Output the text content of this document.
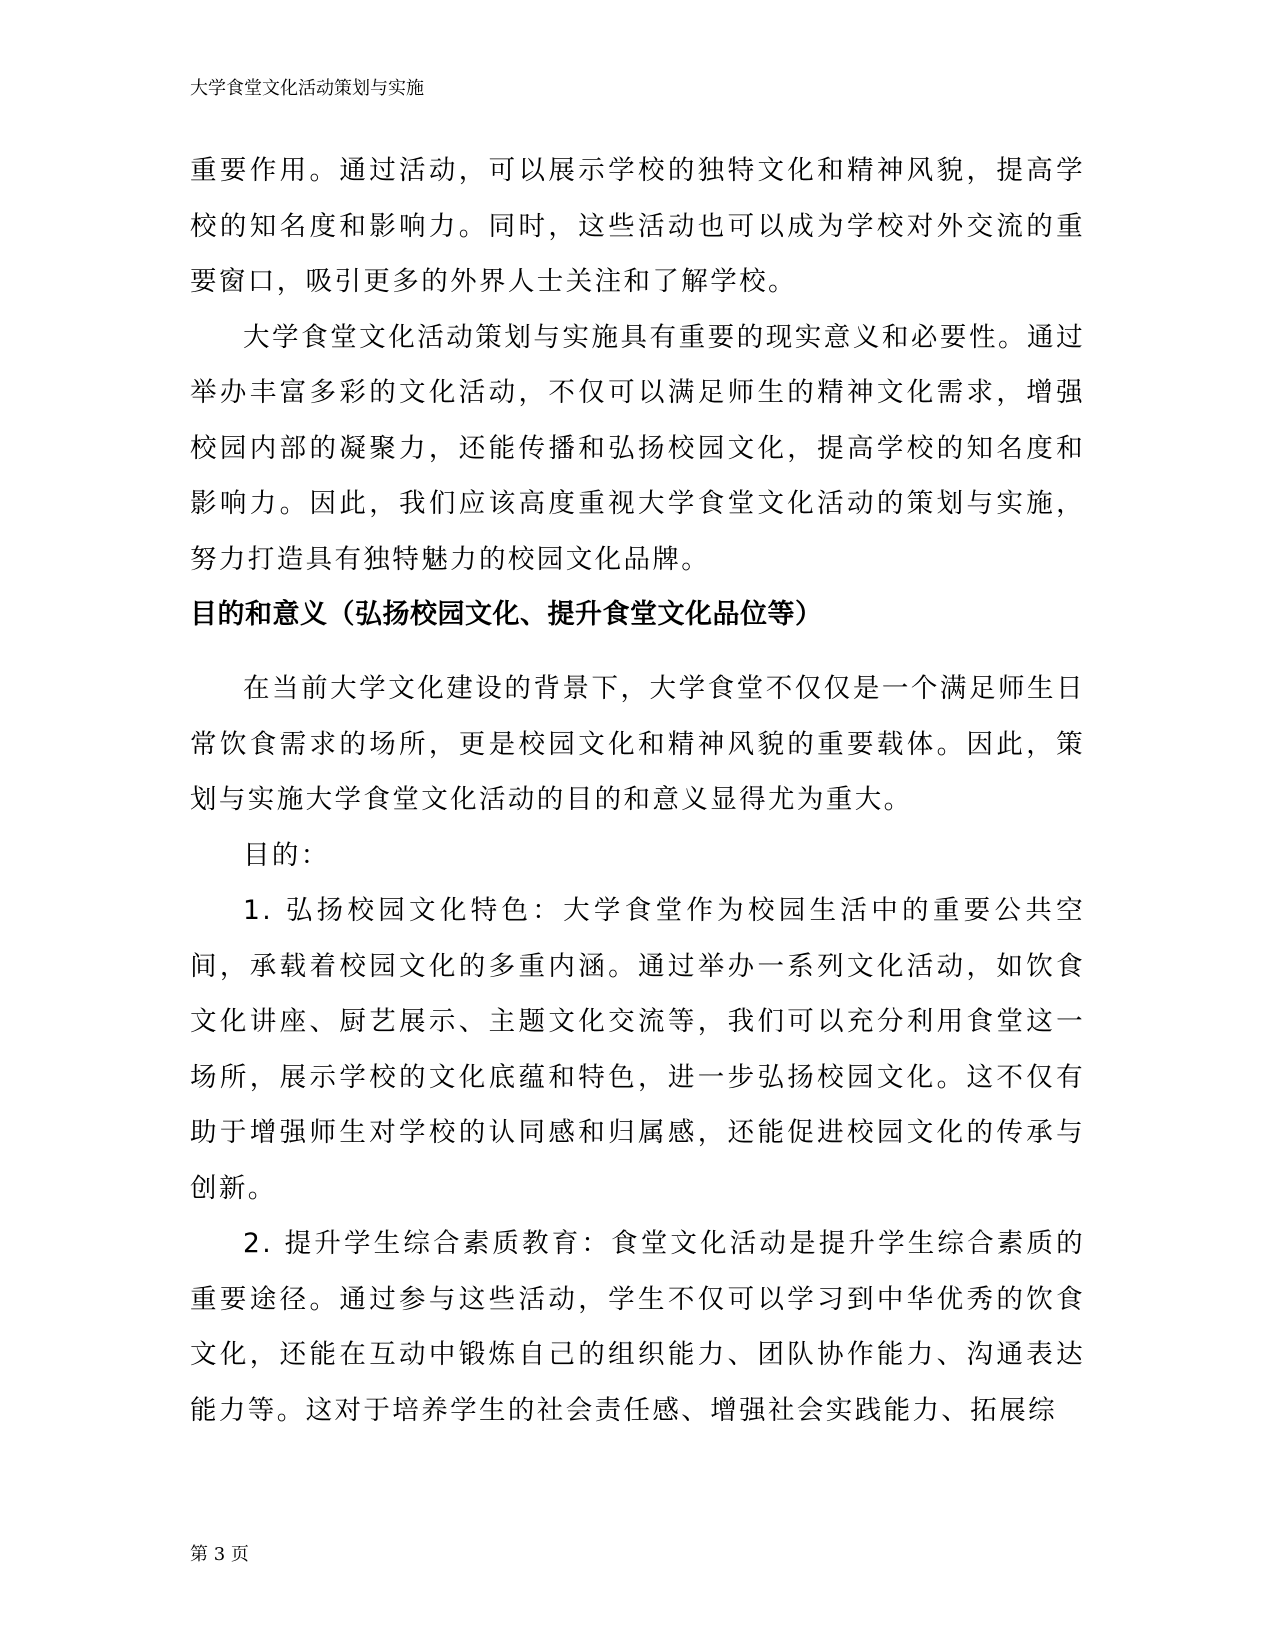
大学食堂文化活动策划与实施

重要作用。通过活动，可以展示学校的独特文化和精神风貌，提高学校的知名度和影响力。同时，这些活动也可以成为学校对外交流的重要窗口，吸引更多的外界人士关注和了解学校。

大学食堂文化活动策划与实施具有重要的现实意义和必要性。通过举办丰富多彩的文化活动，不仅可以满足师生的精神文化需求，增强校园内部的凝聚力，还能传播和弘扬校园文化，提高学校的知名度和影响力。因此，我们应该高度重视大学食堂文化活动的策划与实施，努力打造具有独特魅力的校园文化品牌。

目的和意义（弘扬校园文化、提升食堂文化品位等）

在当前大学文化建设的背景下，大学食堂不仅仅是一个满足师生日常饮食需求的场所，更是校园文化和精神风貌的重要载体。因此，策划与实施大学食堂文化活动的目的和意义显得尤为重大。

目的：

1. 弘扬校园文化特色：大学食堂作为校园生活中的重要公共空间，承载着校园文化的多重内涵。通过举办一系列文化活动，如饮食文化讲座、厨艺展示、主题文化交流等，我们可以充分利用食堂这一场所，展示学校的文化底蕴和特色，进一步弘扬校园文化。这不仅有助于增强师生对学校的认同感和归属感，还能促进校园文化的传承与创新。

2. 提升学生综合素质教育：食堂文化活动是提升学生综合素质的重要途径。通过参与这些活动，学生不仅可以学习到中华优秀的饮食文化，还能在互动中锻炼自己的组织能力、团队协作能力、沟通表达能力等。这对于培养学生的社会责任感、增强社会实践能力、拓展综

第 3 页
